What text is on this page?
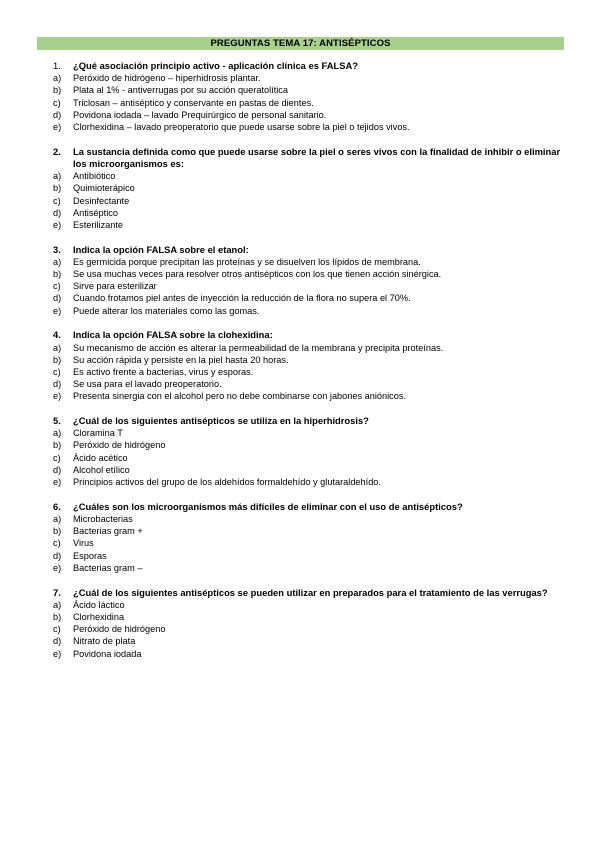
PREGUNTAS TEMA 17: ANTISÉPTICOS
1.	¿Qué asociación principio activo - aplicación clínica es FALSA?
a)	Peróxido de hidrógeno – hiperhidrosis plantar.
b)	Plata al 1% - antiverrugas por su acción queratolítica
c)	Triclosan – antiséptico y conservante en pastas de dientes.
d)	Povidona iodada – lavado Prequirúrgico de personal sanitario.
e)	Clorhexidina – lavado preoperatorio que puede usarse sobre la piel o tejidos vivos.
2.	La sustancia definida como que puede usarse sobre la piel o seres vivos con la finalidad de inhibir o eliminar los microorganismos es:
a)	Antibiótico
b)	Quimioterápico
c)	Desinfectante
d)	Antiséptico
e)	Esterilizante
3.	Indica la opción FALSA sobre el etanol:
a)	Es germicida porque precipitan las proteínas y se disuelven los lípidos de membrana.
b)	Se usa muchas veces para resolver otros antisépticos con los que tienen acción sinérgica.
c)	Sirve para esterilizar
d)	Cuando frotamos piel antes de inyección la reducción de la flora no supera el 70%.
e)	Puede alterar los materiales como las gomas.
4.	Indica la opción FALSA sobre la clohexidina:
a)	Su mecanismo de acción es alterar la permeabilidad de la membrana y precipita proteínas.
b)	Su acción rápida y persiste en la piel hasta 20 horas.
c)	Es activo frente a bacterias, virus y esporas.
d)	Se usa para el lavado preoperatorio.
e)	Presenta sinergia con el alcohol pero no debe combinarse con jabones aniónicos.
5.	¿Cuál de los siguientes antisépticos se utiliza en la hiperhidrosis?
a)	Cloramina T
b)	Peróxido de hidrógeno
c)	Ácido acético
d)	Alcohol etílico
e)	Principios activos del grupo de los aldehídos formaldehído y glutaraldehído.
6.	¿Cuáles son los microorganismos más difíciles de eliminar con el uso de antisépticos?
a)	Microbacterias
b)	Bacterias gram +
c)	Virus
d)	Esporas
e)	Bacterias gram –
7.	¿Cuál de los siguientes antisépticos se pueden utilizar en preparados para el tratamiento de las verrugas?
a)	Ácido láctico
b)	Clorhexidina
c)	Peróxido de hidrógeno
d)	Nitrato de plata
e)	Povidona iodada
